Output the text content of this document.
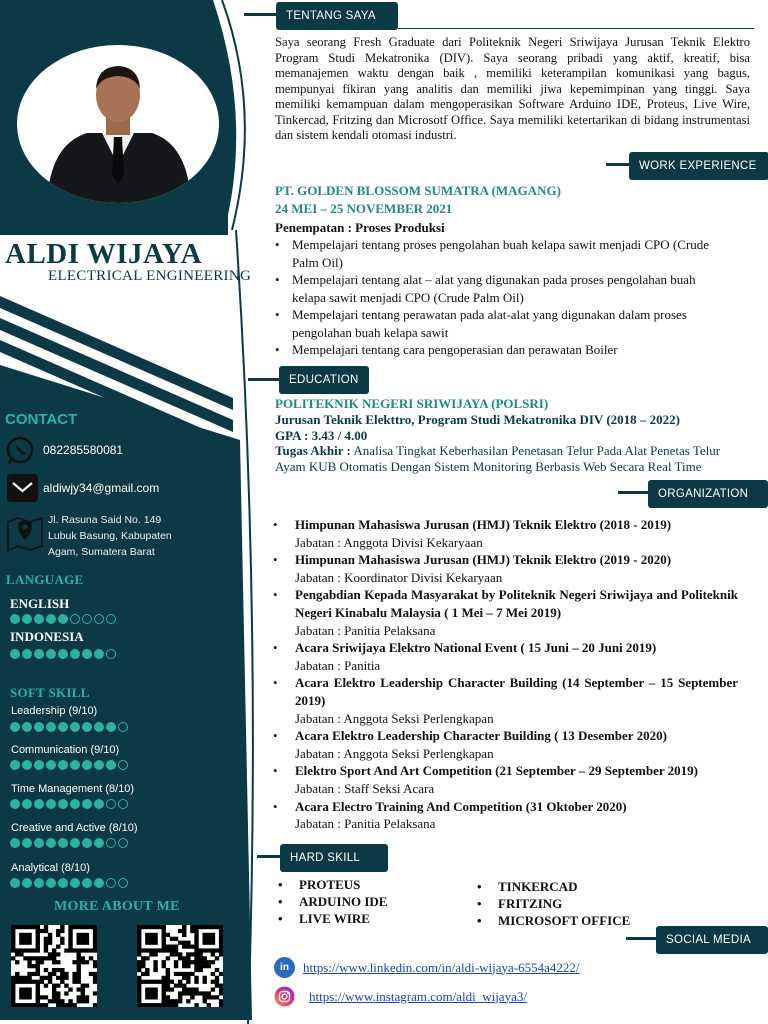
ALDI WIJAYA
ELECTRICAL ENGINEERING
CONTACT
082285580081
aldiwjy34@gmail.com
Jl. Rasuna Said No. 149
Lubuk Basung, Kabupaten
Agam, Sumatera Barat
LANGUAGE
ENGLISH
INDONESIA
SOFT SKILL
Leadership (9/10)
Communication (9/10)
Time Management (8/10)
Creative and Active (8/10)
Analytical (8/10)
MORE ABOUT ME
TENTANG SAYA
Saya seorang Fresh Graduate dari Politeknik Negeri Sriwijaya Jurusan Teknik Elektro Program Studi Mekatronika (DIV). Saya seorang pribadi yang aktif, kreatif, bisa memanajemen waktu dengan baik , memiliki keterampilan komunikasi yang bagus, mempunyai fikiran yang analitis dan memiliki jiwa kepemimpinan yang tinggi. Saya memiliki kemampuan dalam mengoperasikan Software Arduino IDE, Proteus, Live Wire, Tinkercad, Fritzing dan Microsotf Office. Saya memiliki ketertarikan di bidang instrumentasi dan sistem kendali otomasi industri.
WORK EXPERIENCE
PT. GOLDEN BLOSSOM SUMATRA (MAGANG)
24 MEI – 25 NOVEMBER 2021
Penempatan : Proses Produksi
• Mempelajari tentang proses pengolahan buah kelapa sawit menjadi CPO (Crude Palm Oil)
• Mempelajari tentang alat – alat yang digunakan pada proses pengolahan buah kelapa sawit menjadi CPO (Crude Palm Oil)
• Mempelajari tentang perawatan pada alat-alat yang digunakan dalam proses pengolahan buah kelapa sawit
• Mempelajari tentang cara pengoperasian dan perawatan Boiler
EDUCATION
POLITEKNIK NEGERI SRIWIJAYA (POLSRI)
Jurusan Teknik Elekttro, Program Studi Mekatronika DIV (2018 – 2022)
GPA : 3.43 / 4.00
Tugas Akhir : Analisa Tingkat Keberhasilan Penetasan Telur Pada Alat Penetas Telur Ayam KUB Otomatis Dengan Sistem Monitoring Berbasis Web Secara Real Time
ORGANIZATION
• Himpunan Mahasiswa Jurusan (HMJ) Teknik Elektro (2018 - 2019)
Jabatan : Anggota Divisi Kekaryaan
• Himpunan Mahasiswa Jurusan (HMJ) Teknik Elektro (2019 - 2020)
Jabatan : Koordinator Divisi Kekaryaan
• Pengabdian Kepada Masyarakat by Politeknik Negeri Sriwijaya and Politeknik Negeri Kinabalu Malaysia ( 1 Mei – 7 Mei 2019)
Jabatan : Panitia Pelaksana
• Acara Sriwijaya Elektro National Event ( 15 Juni – 20 Juni 2019)
Jabatan : Panitia
• Acara Elektro Leadership Character Building (14 September – 15 September 2019)
Jabatan : Anggota Seksi Perlengkapan
• Acara Elektro Leadership Character Building ( 13 Desember 2020)
Jabatan : Anggota Seksi Perlengkapan
• Elektro Sport And Art Competition (21 September – 29 September 2019)
Jabatan : Staff Seksi Acara
• Acara Electro Training And Competition (31 Oktober 2020)
Jabatan : Panitia Pelaksana
HARD SKILL
• PROTEUS
• ARDUINO IDE
• LIVE WIRE
• TINKERCAD
• FRITZING
• MICROSOFT OFFICE
SOCIAL MEDIA
in	https://www.linkedin.com/in/aldi-wijaya-6554a4222/
https://www.instagram.com/aldi_wijaya3/
